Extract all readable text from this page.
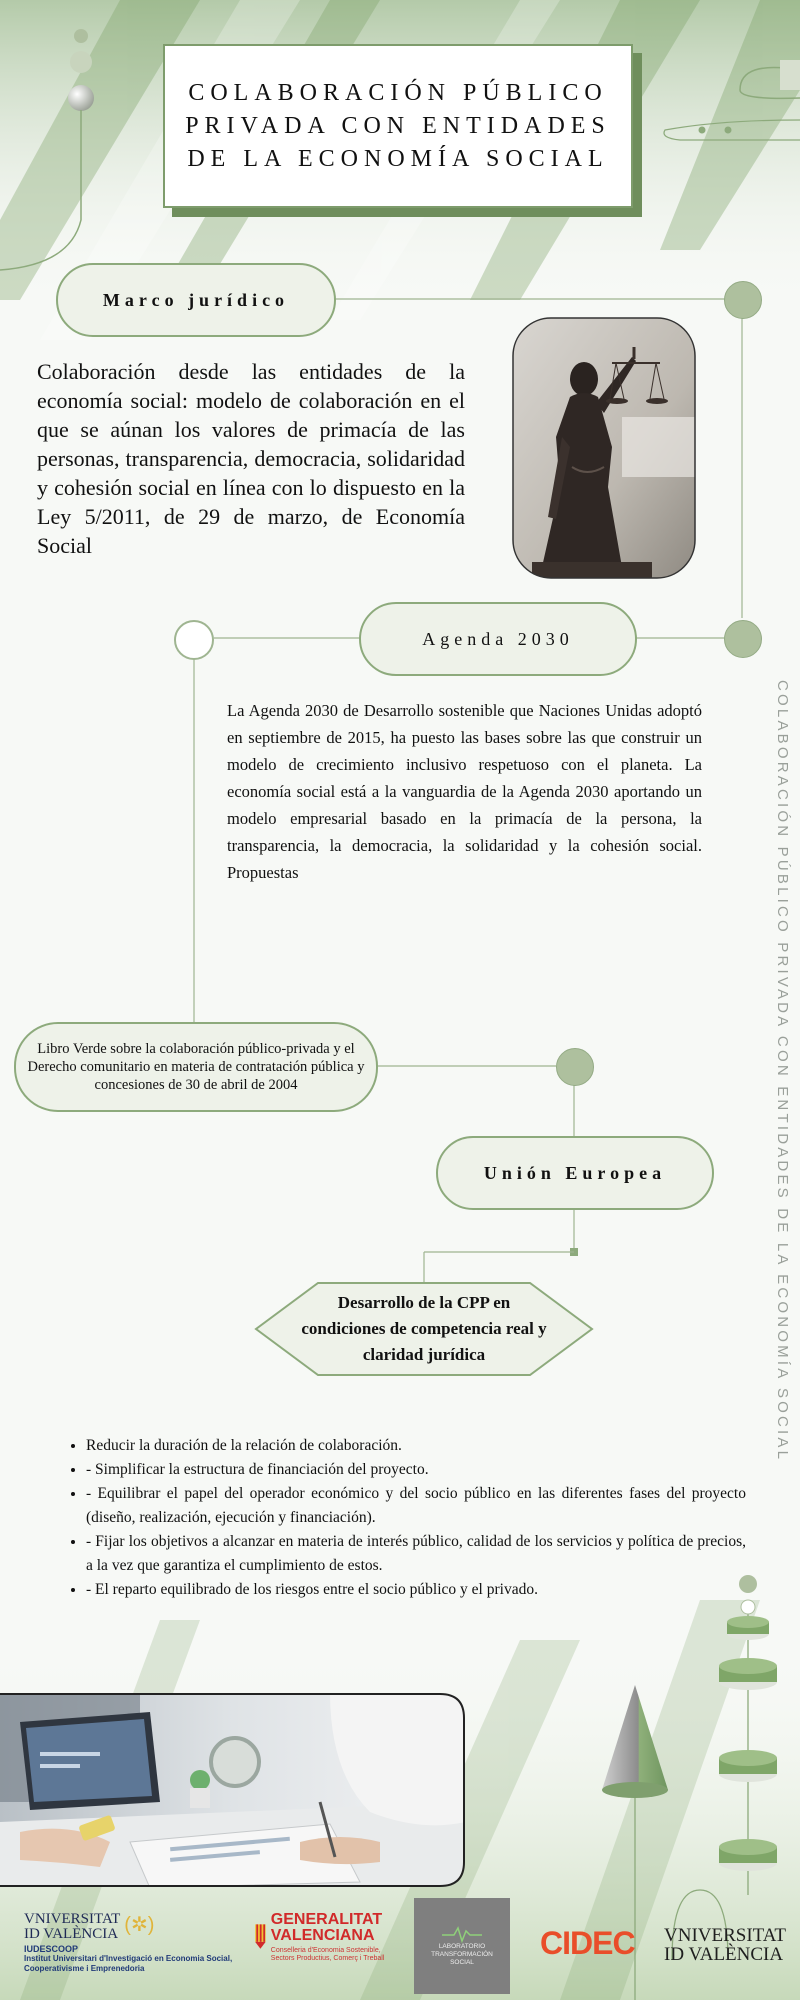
COLABORACIÓN PÚBLICO PRIVADA CON ENTIDADES DE LA ECONOMÍA SOCIAL
Marco jurídico
Colaboración desde las entidades de la economía social: modelo de colaboración en el que se aúnan los valores de primacía de las personas, transparencia, democracia, solidaridad y cohesión social en línea con lo dispuesto en la Ley 5/2011, de 29 de marzo, de Economía Social
Agenda 2030
La Agenda 2030 de Desarrollo sostenible que Naciones Unidas adoptó en septiembre de 2015, ha puesto las bases sobre las que construir un modelo de crecimiento inclusivo respetuoso con el planeta. La economía social está a la vanguardia de la Agenda 2030 aportando un modelo empresarial basado en la primacía de la persona, la transparencia, la democracia, la solidaridad y la cohesión social. Propuestas
Libro Verde sobre la colaboración público-privada y el Derecho comunitario en materia de contratación pública y concesiones de 30 de abril de 2004
Unión Europea
Desarrollo de la CPP en condiciones de competencia real y claridad jurídica
• Reducir la duración de la relación de colaboración.
• - Simplificar la estructura de financiación del proyecto.
• - Equilibrar el papel del operador económico y del socio público en las diferentes fases del proyecto (diseño, realización, ejecución y financiación).
• - Fijar los objetivos a alcanzar en materia de interés público, calidad de los servicios y política de precios, a la vez que garantiza el cumplimiento de estos.
• - El reparto equilibrado de los riesgos entre el socio público y el privado.
COLABORACIÓN PÚBLICO PRIVADA CON ENTIDADES DE LA ECONOMÍA SOCIAL
VNIVERSITAT
ID VALÈNCIA (✲)
IUDESCOOP
Institut Universitari d'Investigació en Economia Social, Cooperativisme i Emprenedoria
GENERALITAT
VALENCIANA
Conselleria d'Economia Sostenible, Sectors Productius, Comerç i Treball
LABORATORIO
TRANSFORMACIÓN
SOCIAL
CIDEC VNIVERSITAT
ID VALÈNCIA
